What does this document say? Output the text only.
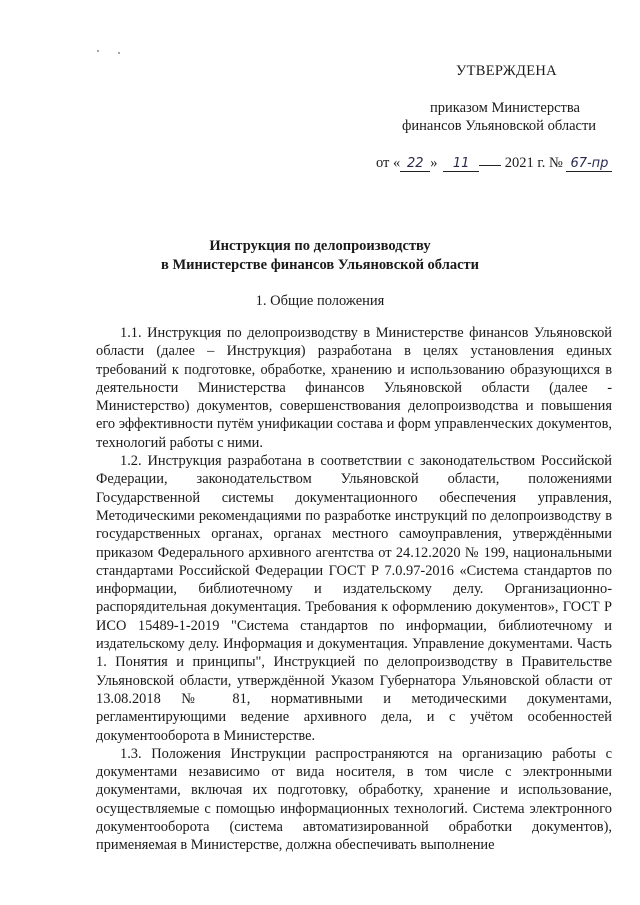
УТВЕРЖДЕНА
приказом Министерства
финансов Ульяновской области
от « 22 » 11 2021 г. № 67-пр
Инструкция по делопроизводству
в Министерстве финансов Ульяновской области
1. Общие положения

1.1. Инструкция по делопроизводству в Министерстве финансов Ульяновской области (далее – Инструкция) разработана в целях установления единых требований к подготовке, обработке, хранению и использованию образующихся в деятельности Министерства финансов Ульяновской области (далее - Министерство) документов, совершенствования делопроизводства и повышения его эффективности путём унификации состава и форм управленческих документов, технологий работы с ними.

1.2. Инструкция разработана в соответствии с законодательством Российской Федерации, законодательством Ульяновской области, положениями Государственной системы документационного обеспечения управления, Методическими рекомендациями по разработке инструкций по делопроизводству в государственных органах, органах местного самоуправления, утверждёнными приказом Федерального архивного агентства от 24.12.2020 № 199, национальными стандартами Российской Федерации ГОСТ Р 7.0.97-2016 «Система стандартов по информации, библиотечному и издательскому делу. Организационно-распорядительная документация. Требования к оформлению документов», ГОСТ Р ИСО 15489-1-2019 "Система стандартов по информации, библиотечному и издательскому делу. Информация и документация. Управление документами. Часть 1. Понятия и принципы", Инструкцией по делопроизводству в Правительстве Ульяновской области, утверждённой Указом Губернатора Ульяновской области от 13.08.2018 № 81, нормативными и методическими документами, регламентирующими ведение архивного дела, и с учётом особенностей документооборота в Министерстве.

1.3. Положения Инструкции распространяются на организацию работы с документами независимо от вида носителя, в том числе с электронными документами, включая их подготовку, обработку, хранение и использование, осуществляемые с помощью информационных технологий. Система электронного документооборота (система автоматизированной обработки документов), применяемая в Министерстве, должна обеспечивать выполнение
